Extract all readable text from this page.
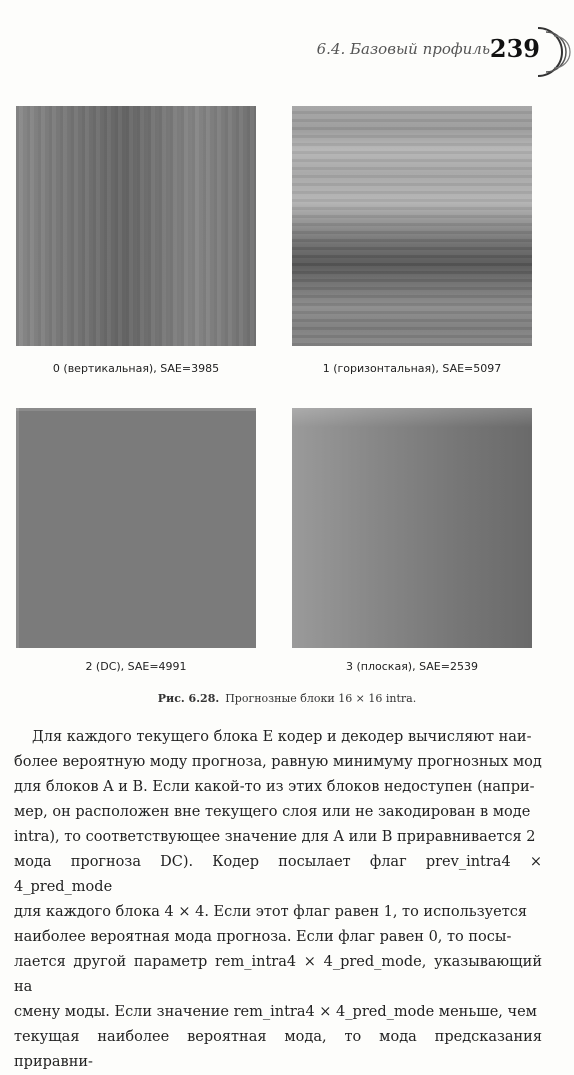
6.4. Базовый профиль 239
0 (вертикальная), SAE=3985	1 (горизонтальная), SAE=5097
2 (DC), SAE=4991	3 (плоская), SAE=2539
Рис. 6.28. Прогнозные блоки 16 × 16 intra.
Для каждого текущего блока E кодер и декодер вычисляют наи-
более вероятную моду прогноза, равную минимуму прогнозных мод
для блоков A и B. Если какой-то из этих блоков недоступен (напри-
мер, он расположен вне текущего слоя или не закодирован в моде
intra), то соответствующее значение для A или B приравнивается 2
мода прогноза DC). Кодер посылает флаг prev_intra4 × 4_pred_mode
для каждого блока 4 × 4. Если этот флаг равен 1, то используется
наиболее вероятная мода прогноза. Если флаг равен 0, то посы-
лается другой параметр rem_intra4 × 4_pred_mode, указывающий на
смену моды. Если значение rem_intra4 × 4_pred_mode меньше, чем
текущая наиболее вероятная мода, то мода предсказания приравни-
